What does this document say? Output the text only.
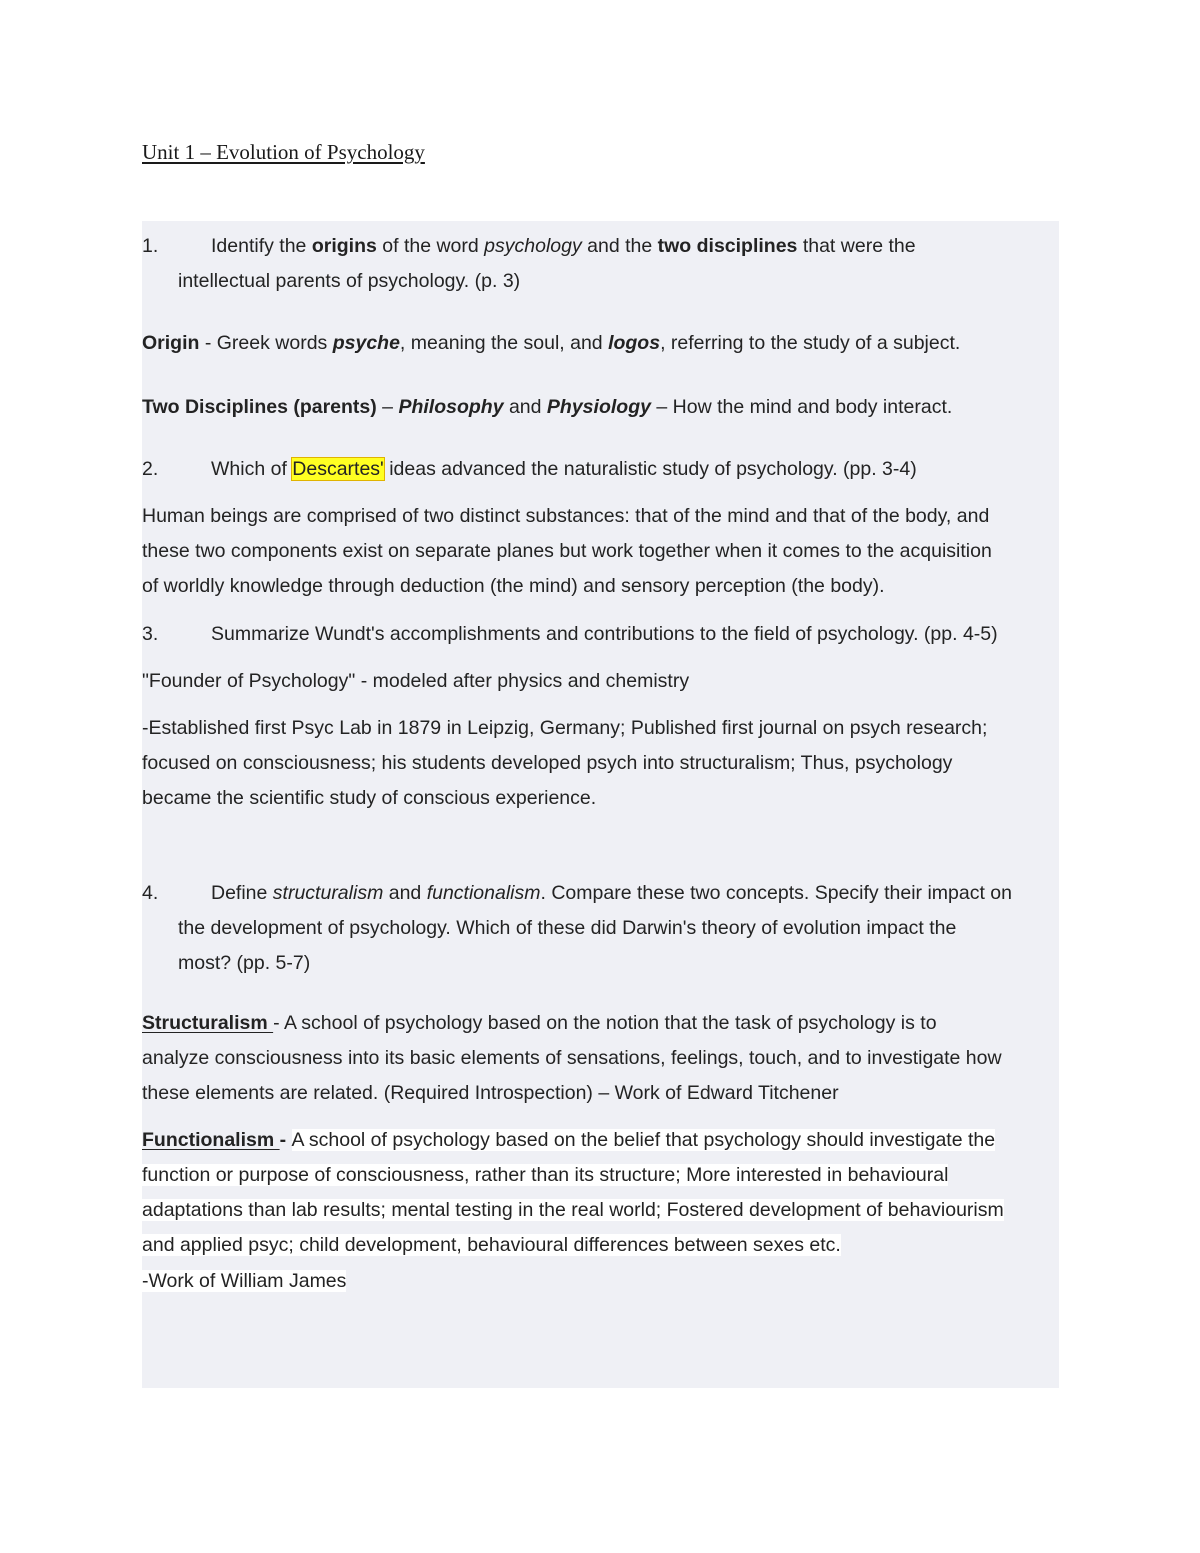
Unit 1 – Evolution of Psychology

1.	Identify the origins of the word psychology and the two disciplines that were the

intellectual parents of psychology. (p. 3)

Origin - Greek words psyche, meaning the soul, and logos, referring to the study of a subject.

Two Disciplines (parents) – Philosophy and Physiology – How the mind and body interact.

2.	Which of Descartes' ideas advanced the naturalistic study of psychology. (pp. 3-4)

Human beings are comprised of two distinct substances: that of the mind and that of the body, and

these two components exist on separate planes but work together when it comes to the acquisition

of worldly knowledge through deduction (the mind) and sensory perception (the body).

3.	Summarize Wundt's accomplishments and contributions to the field of psychology. (pp. 4-5)

"Founder of Psychology" - modeled after physics and chemistry

-Established first Psyc Lab in 1879 in Leipzig, Germany; Published first journal on psych research;

focused on consciousness; his students developed psych into structuralism; Thus, psychology

became the scientific study of conscious experience.

4.	Define structuralism and functionalism. Compare these two concepts. Specify their impact on

the development of psychology. Which of these did Darwin's theory of evolution impact the

most? (pp. 5-7)

Structuralism - A school of psychology based on the notion that the task of psychology is to

analyze consciousness into its basic elements of sensations, feelings, touch, and to investigate how

these elements are related. (Required Introspection) – Work of Edward Titchener

Functionalism - A school of psychology based on the belief that psychology should investigate the

function or purpose of consciousness, rather than its structure; More interested in behavioural

adaptations than lab results; mental testing in the real world; Fostered development of behaviourism

and applied psyc; child development, behavioural differences between sexes etc.

-Work of William James
